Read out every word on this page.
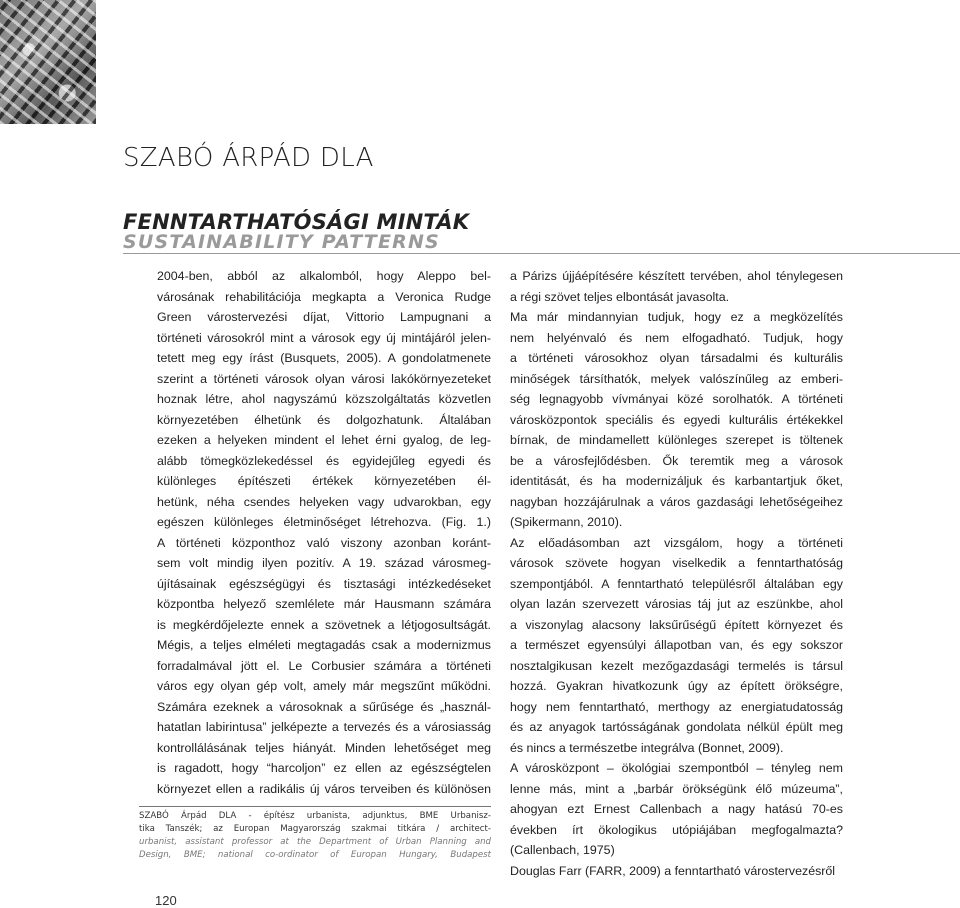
SZABÓ ÁRPÁD DLA
FENNTARTHATÓSÁGI MINTÁK
SUSTAINABILITY PATTERNS

2004-ben, abból az alkalomból, hogy Aleppo bel-
városának rehabilitációja megkapta a Veronica Rudge
Green várostervezési díjat, Vittorio Lampugnani a
történeti városokról mint a városok egy új mintájáról jelen-
tetett meg egy írást (Busquets, 2005). A gondolatmenete
szerint a történeti városok olyan városi lakókörnyezeteket
hoznak létre, ahol nagyszámú közszolgáltatás közvetlen
környezetében élhetünk és dolgozhatunk. Általában
ezeken a helyeken mindent el lehet érni gyalog, de leg-
alább tömegközlekedéssel és egyidejűleg egyedi és
különleges építészeti értékek környezetében él-
hetünk, néha csendes helyeken vagy udvarokban, egy
egészen különleges életminőséget létrehozva. (Fig. 1.)
A történeti központhoz való viszony azonban koránt-
sem volt mindig ilyen pozitív. A 19. század városmeg-
újításainak egészségügyi és tisztasági intézkedéseket
központba helyező szemlélete már Hausmann számára
is megkérdőjelezte ennek a szövetnek a létjogosultságát.
Mégis, a teljes elméleti megtagadás csak a modernizmus
forradalmával jött el. Le Corbusier számára a történeti
város egy olyan gép volt, amely már megszűnt működni.
Számára ezeknek a városoknak a sűrűsége és „használ-
hatatlan labirintusa” jelképezte a tervezés és a városiasság
kontrollálásának teljes hiányát. Minden lehetőséget meg
is ragadott, hogy “harcoljon” ez ellen az egészségtelen
környezet ellen a radikális új város terveiben és különösen

a Párizs újjáépítésére készített tervében, ahol ténylegesen
a régi szövet teljes elbontását javasolta.
Ma már mindannyian tudjuk, hogy ez a megközelítés
nem helyénvaló és nem elfogadható. Tudjuk, hogy
a történeti városokhoz olyan társadalmi és kulturális
minőségek társíthatók, melyek valószínűleg az emberi-
ség legnagyobb vívmányai közé sorolhatók. A történeti
városközpontok speciális és egyedi kulturális értékekkel
bírnak, de mindamellett különleges szerepet is töltenek
be a városfejlődésben. Ők teremtik meg a városok
identitását, és ha modernizáljuk és karbantartjuk őket,
nagyban hozzájárulnak a város gazdasági lehetőségeihez
(Spikermann, 2010).
Az előadásomban azt vizsgálom, hogy a történeti
városok szövete hogyan viselkedik a fenntarthatóság
szempontjából. A fenntartható településről általában egy
olyan lazán szervezett városias táj jut az eszünkbe, ahol
a viszonylag alacsony laksűrűségű épített környezet és
a természet egyensúlyi állapotban van, és egy sokszor
nosztalgikusan kezelt mezőgazdasági termelés is társul
hozzá. Gyakran hivatkozunk úgy az épített örökségre,
hogy nem fenntartható, merthogy az energiatudatosság
és az anyagok tartósságának gondolata nélkül épült meg
és nincs a természetbe integrálva (Bonnet, 2009).
A városközpont – ökológiai szempontból – tényleg nem
lenne más, mint a „barbár örökségünk élő múzeuma”,
ahogyan ezt Ernest Callenbach a nagy hatású 70-es
években írt ökologikus utópiájában megfogalmazta?
(Callenbach, 1975)
Douglas Farr (FARR, 2009) a fenntartható várostervezésről

SZABÓ Árpád DLA - építész urbanista, adjunktus, BME Urbanisz-
tika Tanszék; az Europan Magyarország szakmai titkára / architect-
urbanist, assistant professor at the Department of Urban Planning and
Design, BME; national co-ordinator of Europan Hungary, Budapest

120
